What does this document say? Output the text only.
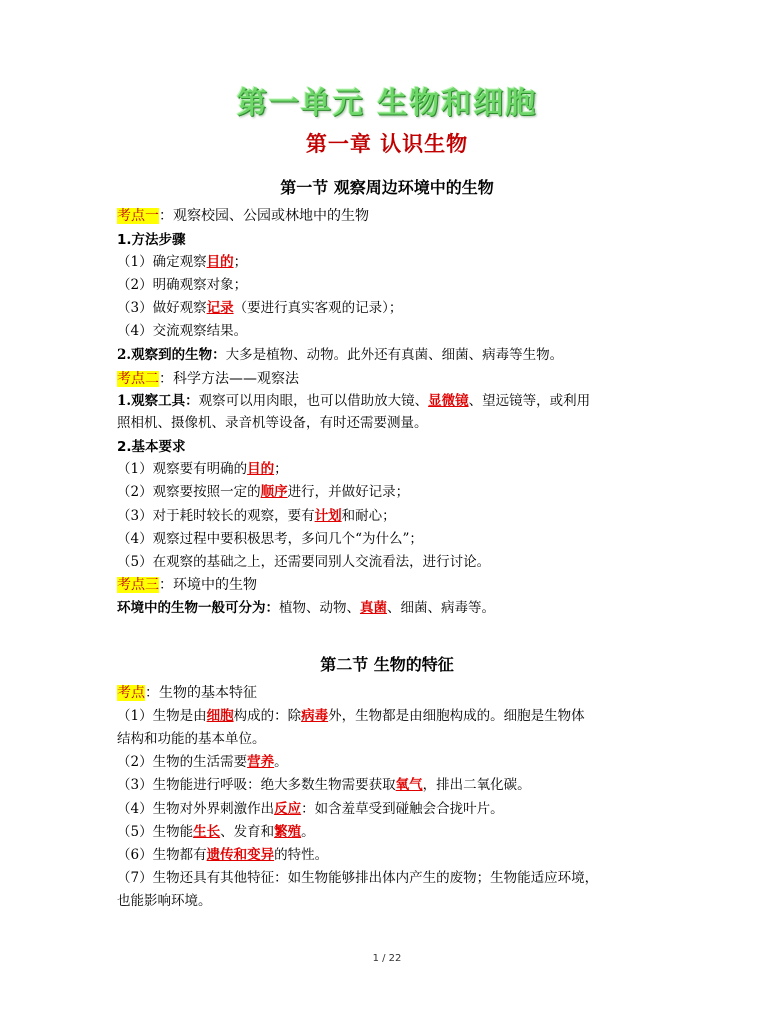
第一单元 生物和细胞
第一章 认识生物
第一节 观察周边环境中的生物
考点一：观察校园、公园或林地中的生物
1.方法步骤
（1）确定观察目的；
（2）明确观察对象；
（3）做好观察记录（要进行真实客观的记录）；
（4）交流观察结果。
2.观察到的生物：大多是植物、动物。此外还有真菌、细菌、病毒等生物。
考点二：科学方法——观察法
1.观察工具：观察可以用肉眼，也可以借助放大镜、显微镜、望远镜等，或利用
照相机、摄像机、录音机等设备，有时还需要测量。
2.基本要求
（1）观察要有明确的目的；
（2）观察要按照一定的顺序进行，并做好记录；
（3）对于耗时较长的观察，要有计划和耐心；
（4）观察过程中要积极思考，多问几个“为什么”；
（5）在观察的基础之上，还需要同别人交流看法，进行讨论。
考点三：环境中的生物
环境中的生物一般可分为：植物、动物、真菌、细菌、病毒等。
第二节 生物的特征
考点：生物的基本特征
（1）生物是由细胞构成的：除病毒外，生物都是由细胞构成的。细胞是生物体
结构和功能的基本单位。
（2）生物的生活需要营养。
（3）生物能进行呼吸：绝大多数生物需要获取氧气，排出二氧化碳。
（4）生物对外界刺激作出反应：如含羞草受到碰触会合拢叶片。
（5）生物能生长、发育和繁殖。
（6）生物都有遗传和变异的特性。
（7）生物还具有其他特征：如生物能够排出体内产生的废物；生物能适应环境，
也能影响环境。
1 / 22
